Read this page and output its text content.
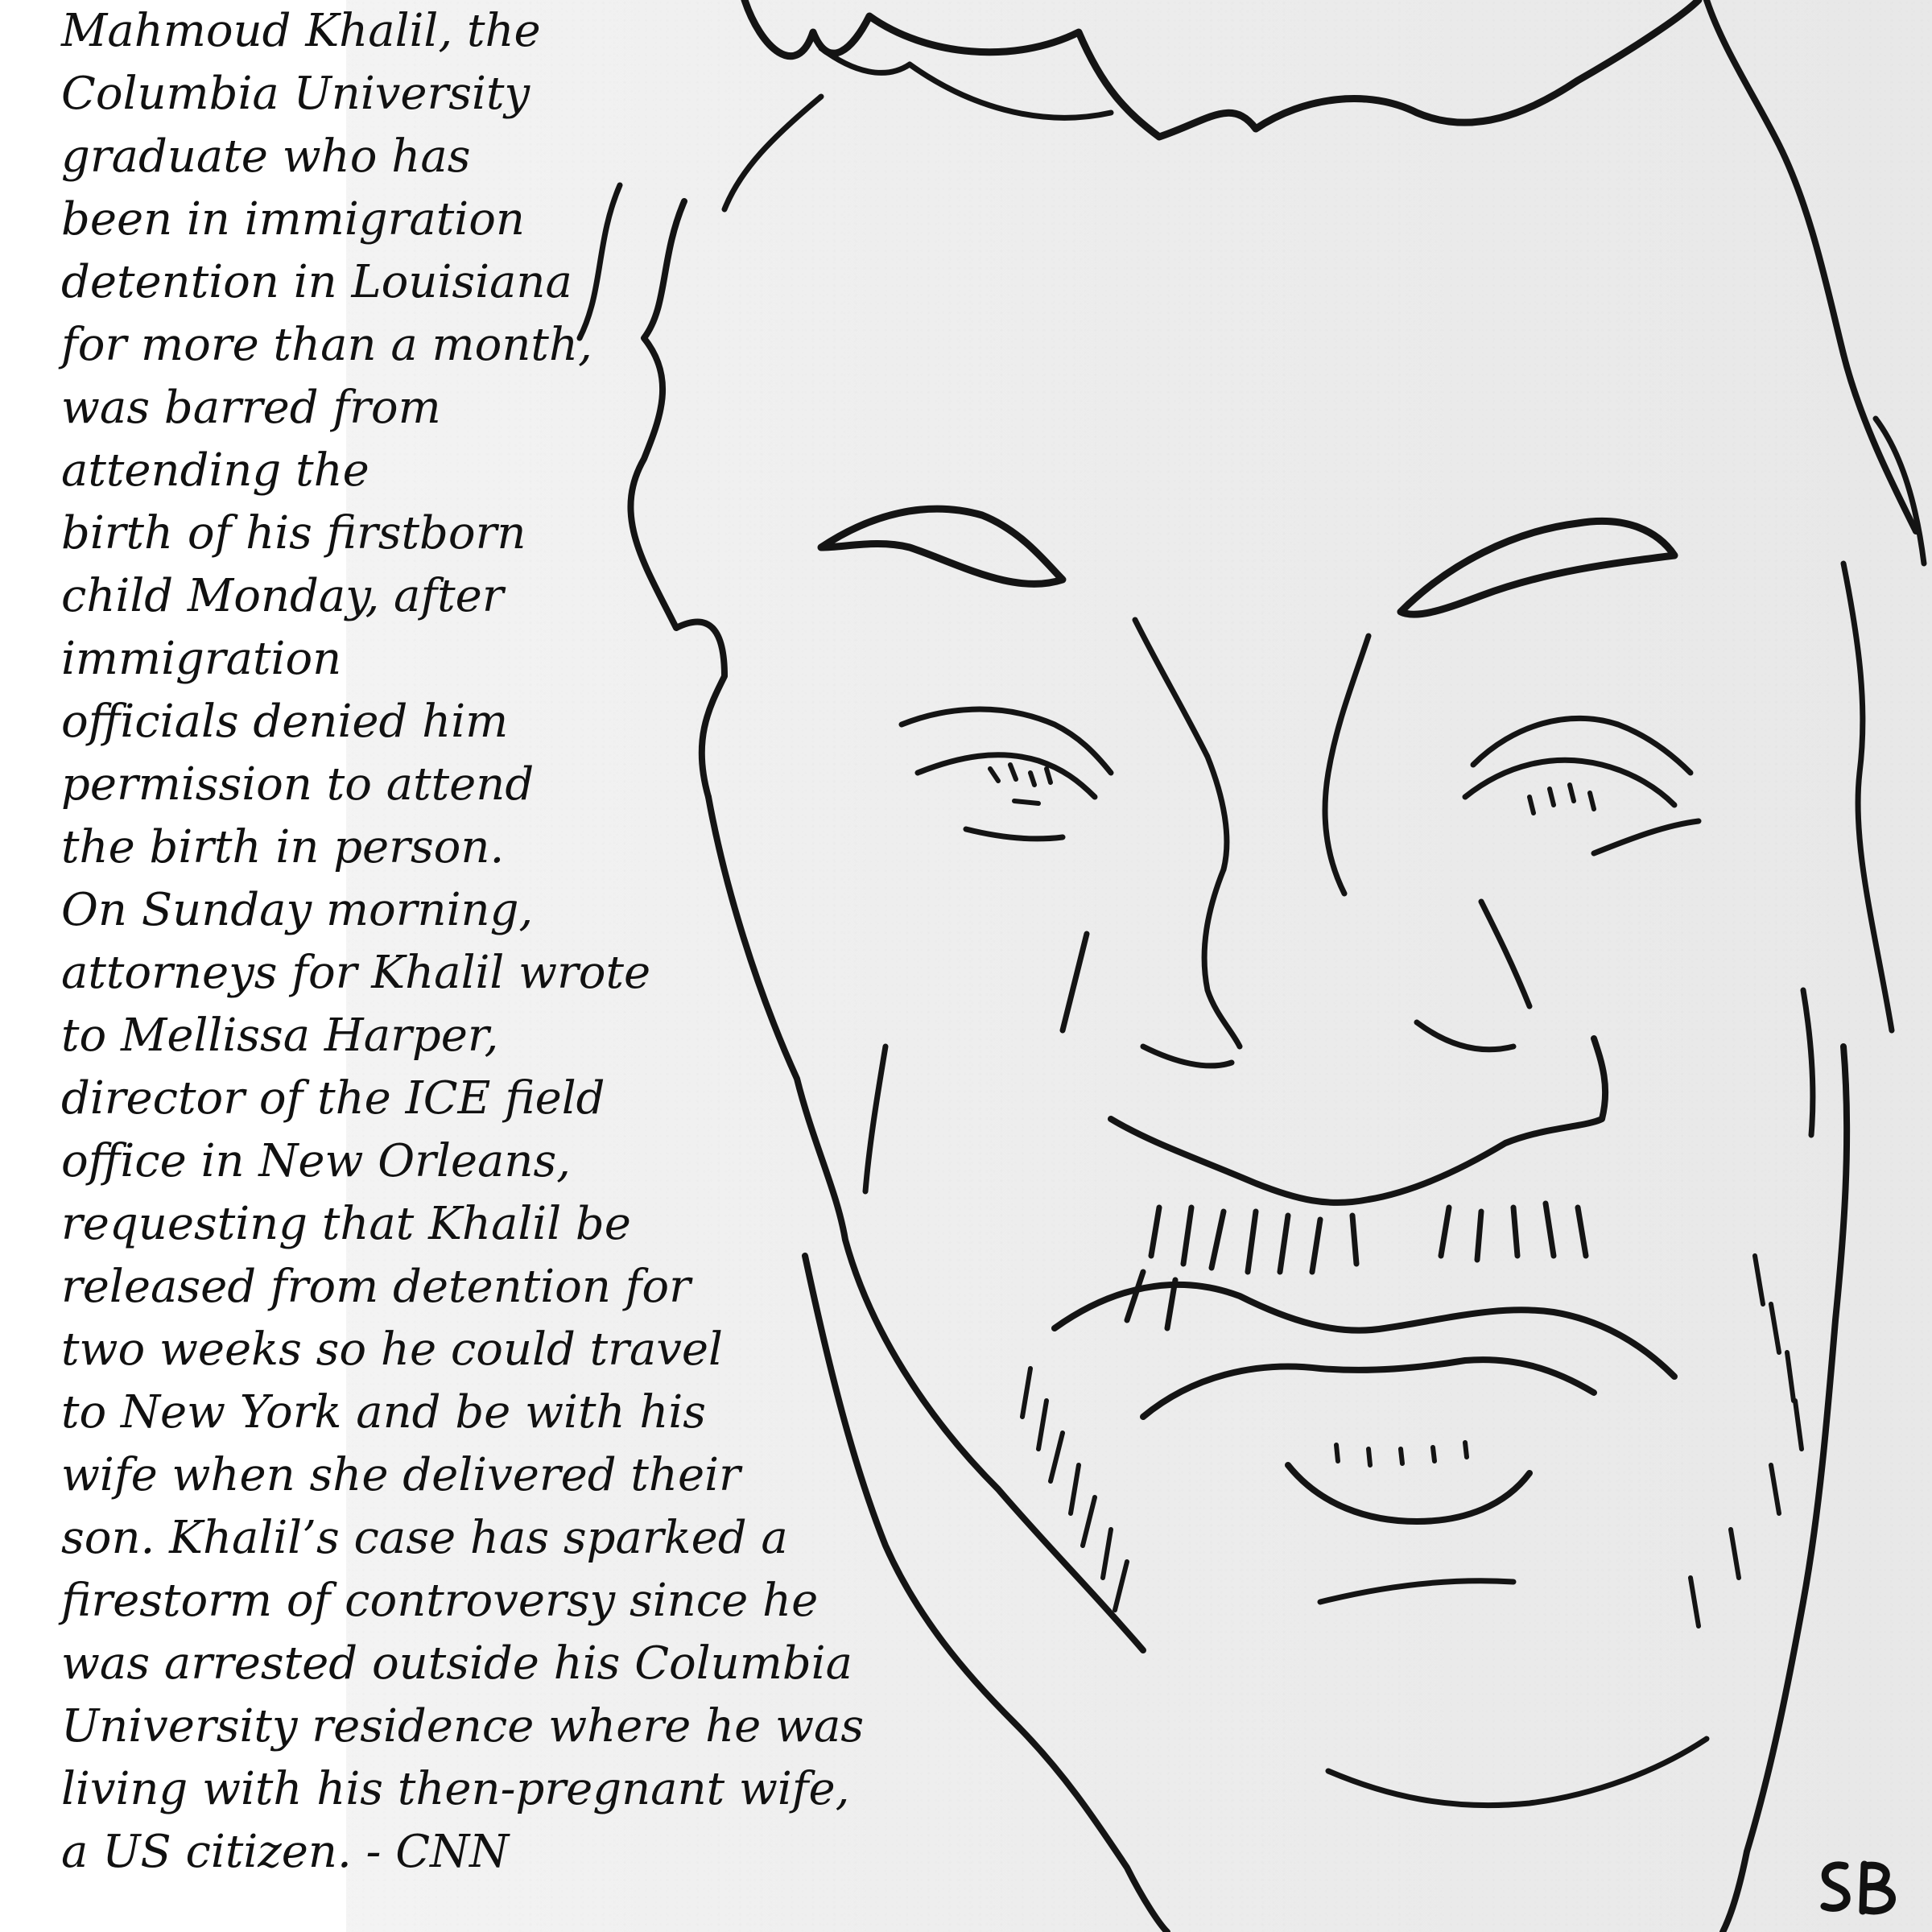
Mahmoud Khalil, the
Columbia University
graduate who has
been in immigration
detention in Louisiana
for more than a month,
was barred from
attending the
birth of his firstborn
child Monday, after
immigration
officials denied him
permission to attend
the birth in person.
On Sunday morning,
attorneys for Khalil wrote
to Mellissa Harper,
director of the ICE field
office in New Orleans,
requesting that Khalil be
released from detention for
two weeks so he could travel
to New York and be with his
wife when she delivered their
son. Khalil’s case has sparked a
firestorm of controversy since he
was arrested outside his Columbia
University residence where he was
living with his then-pregnant wife,
a US citizen. - CNN
